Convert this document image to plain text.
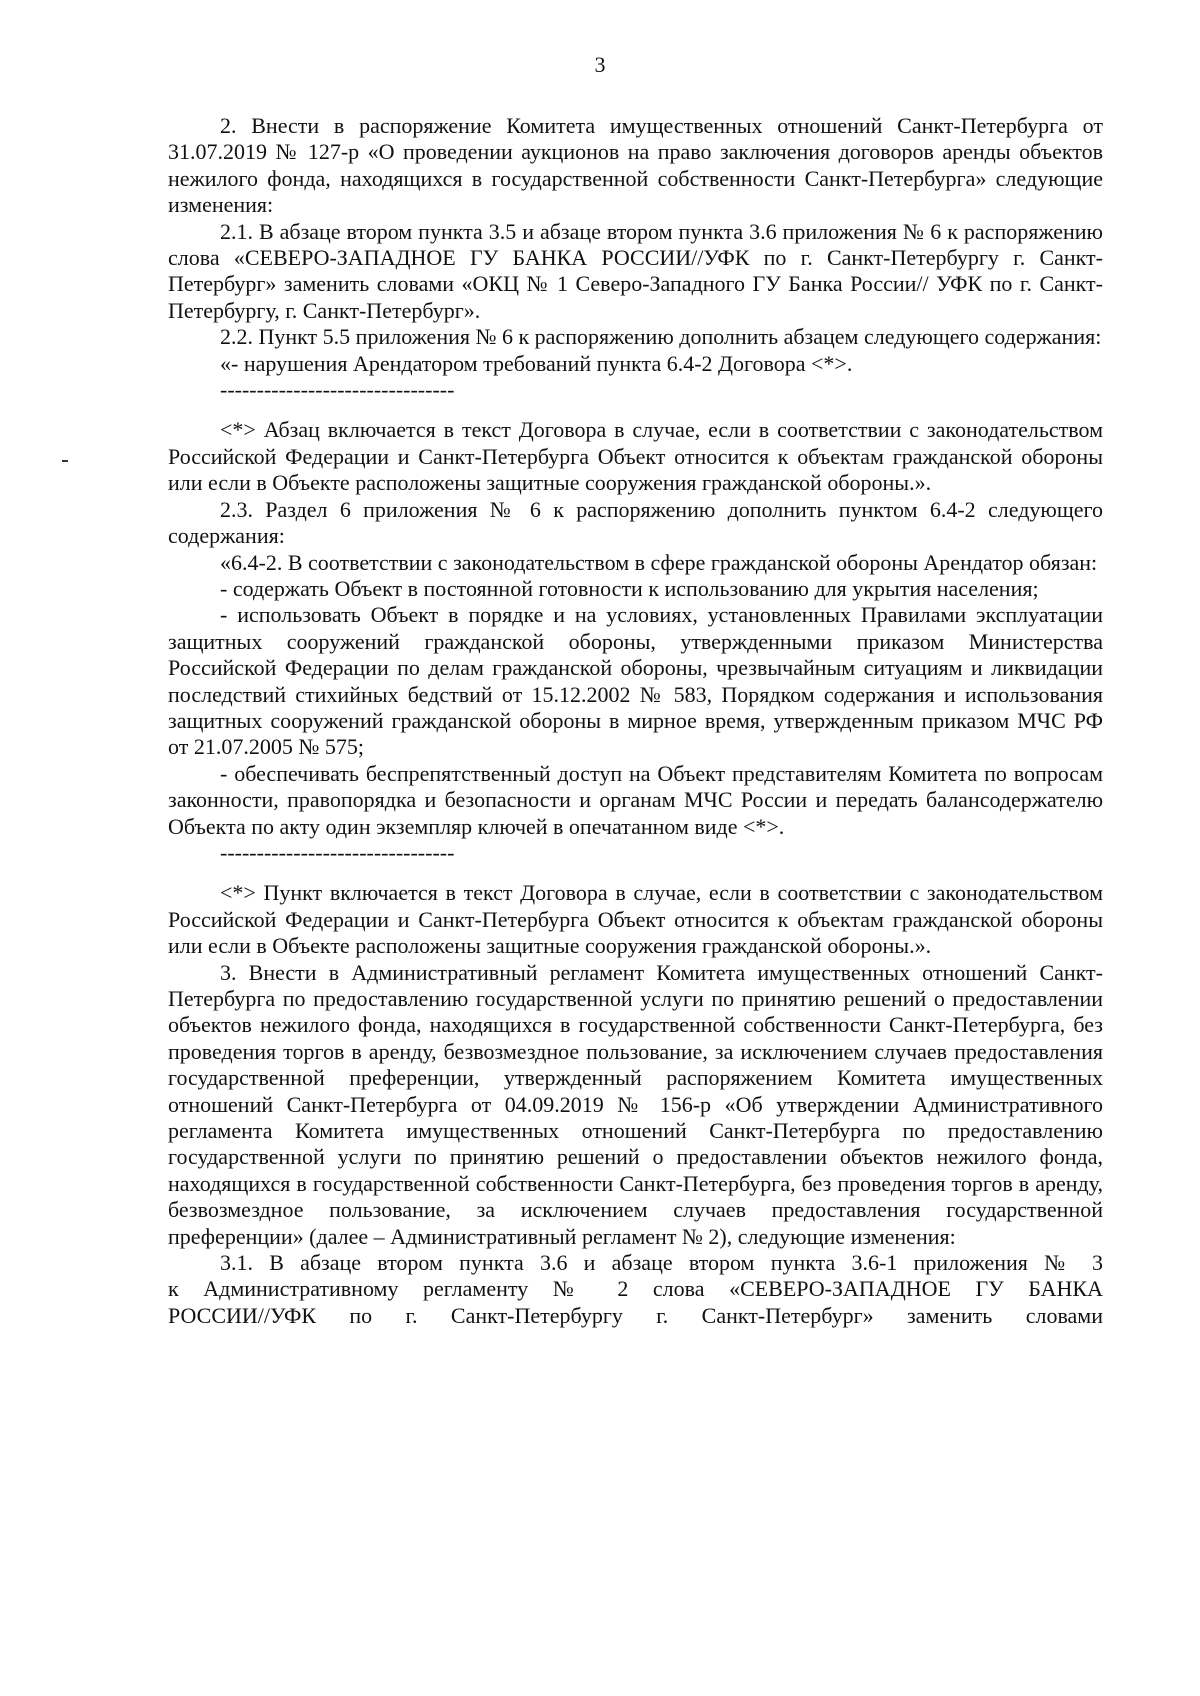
3

2. Внести в распоряжение Комитета имущественных отношений Санкт-Петербурга от 31.07.2019 № 127-р «О проведении аукционов на право заключения договоров аренды объектов нежилого фонда, находящихся в государственной собственности Санкт-Петербурга» следующие изменения:

2.1. В абзаце втором пункта 3.5 и абзаце втором пункта 3.6 приложения № 6 к распоряжению слова «СЕВЕРО-ЗАПАДНОЕ ГУ БАНКА РОССИИ//УФК по г. Санкт-Петербургу г. Санкт-Петербург» заменить словами «ОКЦ № 1 Северо-Западного ГУ Банка России// УФК по г. Санкт-Петербургу, г. Санкт-Петербург».

2.2. Пункт 5.5 приложения № 6 к распоряжению дополнить абзацем следующего содержания:

«- нарушения Арендатором требований пункта 6.4-2 Договора <*>.

--------------------------------

<*> Абзац включается в текст Договора в случае, если в соответствии с законодательством Российской Федерации и Санкт-Петербурга Объект относится к объектам гражданской обороны или если в Объекте расположены защитные сооружения гражданской обороны.».

2.3. Раздел 6 приложения № 6 к распоряжению дополнить пунктом 6.4-2 следующего содержания:

«6.4-2. В соответствии с законодательством в сфере гражданской обороны Арендатор обязан:

- содержать Объект в постоянной готовности к использованию для укрытия населения;

- использовать Объект в порядке и на условиях, установленных Правилами эксплуатации защитных сооружений гражданской обороны, утвержденными приказом Министерства Российской Федерации по делам гражданской обороны, чрезвычайным ситуациям и ликвидации последствий стихийных бедствий от 15.12.2002 № 583, Порядком содержания и использования защитных сооружений гражданской обороны в мирное время, утвержденным приказом МЧС РФ от 21.07.2005 № 575;

- обеспечивать беспрепятственный доступ на Объект представителям Комитета по вопросам законности, правопорядка и безопасности и органам МЧС России и передать балансодержателю Объекта по акту один экземпляр ключей в опечатанном виде <*>.

--------------------------------

<*> Пункт включается в текст Договора в случае, если в соответствии с законодательством Российской Федерации и Санкт-Петербурга Объект относится к объектам гражданской обороны или если в Объекте расположены защитные сооружения гражданской обороны.».

3. Внести в Административный регламент Комитета имущественных отношений Санкт-Петербурга по предоставлению государственной услуги по принятию решений о предоставлении объектов нежилого фонда, находящихся в государственной собственности Санкт-Петербурга, без проведения торгов в аренду, безвозмездное пользование, за исключением случаев предоставления государственной преференции, утвержденный распоряжением Комитета имущественных отношений Санкт-Петербурга от 04.09.2019 № 156-р «Об утверждении Административного регламента Комитета имущественных отношений Санкт-Петербурга по предоставлению государственной услуги по принятию решений о предоставлении объектов нежилого фонда, находящихся в государственной собственности Санкт-Петербурга, без проведения торгов в аренду, безвозмездное пользование, за исключением случаев предоставления государственной преференции» (далее – Административный регламент № 2), следующие изменения:

3.1. В абзаце втором пункта 3.6 и абзаце втором пункта 3.6-1 приложения № 3

к Административному регламенту № 2 слова «СЕВЕРО-ЗАПАДНОЕ ГУ БАНКА

РОССИИ//УФК по г. Санкт-Петербургу г. Санкт-Петербург» заменить словами
